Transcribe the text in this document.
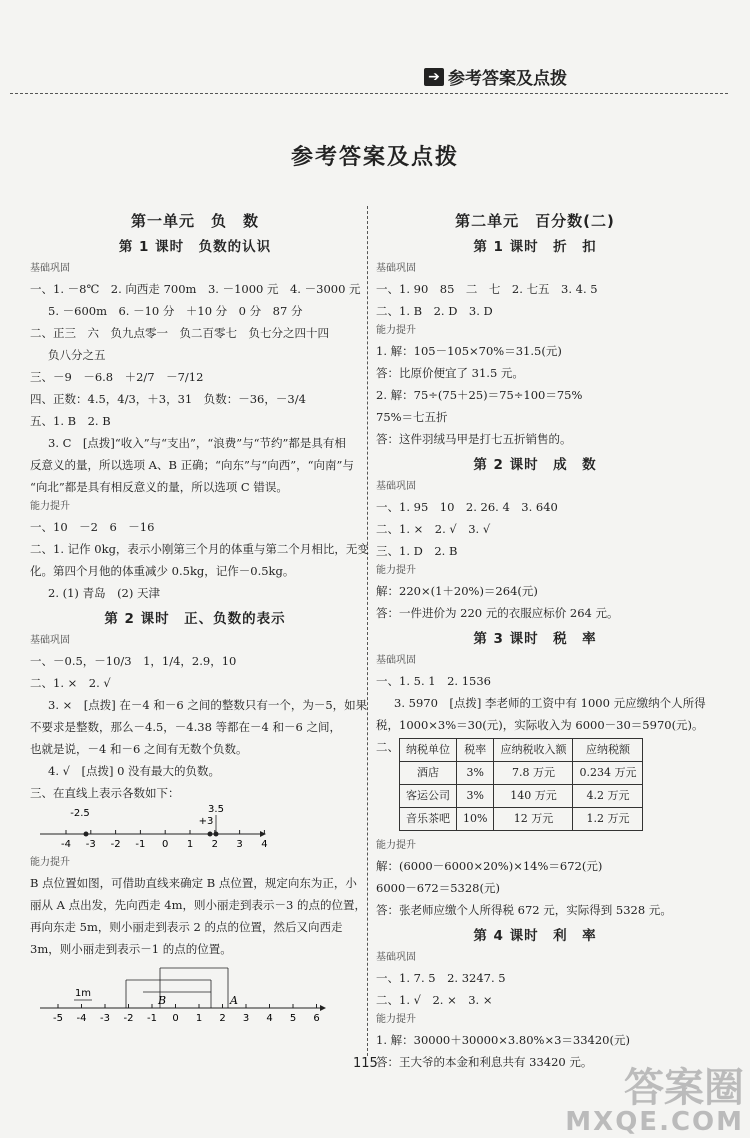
➔ 参考答案及点拨
参考答案及点拨
第一单元　负　数
第 1 课时　负数的认识
基础巩固
一、1. －8℃　2. 向西走 700m　3. －1000 元　4. －3000 元
5. －600m　6. －10 分　＋10 分　0 分　87 分
二、正三　六　负九点零一　负二百零七　负七分之四十四
负八分之五
三、－9　－6.8　＋2/7　－7/12
四、正数：4.5，4/3，＋3，31　负数：－36，－3/4
五、1. B　2. B
3. C　[点拨]“收入”与“支出”，“浪费”与“节约”都是具有相
反意义的量，所以选项 A、B 正确；“向东”与“向西”，“向南”与
“向北”都是具有相反意义的量，所以选项 C 错误。
能力提升
一、10　－2　6　－16
二、1. 记作 0kg，表示小刚第三个月的体重与第二个月相比，无变
化。第四个月他的体重减少 0.5kg，记作－0.5kg。
2. (1) 青岛　(2) 天津
第 2 课时　正、负数的表示
基础巩固
一、－0.5，－10/3　1，1/4，2.9，10
二、1. ×　2. √
3. ×　[点拨] 在－4 和－6 之间的整数只有一个，为－5，如果
不要求是整数，那么－4.5，－4.38 等都在－4 和－6 之间，
也就是说，－4 和－6 之间有无数个负数。
4. √　[点拨] 0 没有最大的负数。
三、在直线上表示各数如下：
-4 -3 -2 -1 0 1 2 3 4
-2.5	3.5
+3
能力提升
B 点位置如图，可借助直线来确定 B 点位置，规定向东为正，小
丽从 A 点出发，先向西走 4m，则小丽走到表示－3 的点的位置，
再向东走 5m，则小丽走到表示 2 的点的位置，然后又向西走
3m，则小丽走到表示－1 的点的位置。
-5 -4 -3 -2 -1 0 1 2 3 4 5 6
1m
B	A
第二单元　百分数(二)
第 1 课时　折　扣
基础巩固
一、1. 90　85　二　七　2. 七五　3. 4. 5
二、1. B　2. D　3. D
能力提升
1. 解：105－105×70%＝31.5(元)
答：比原价便宜了 31.5 元。
2. 解：75÷(75＋25)＝75÷100＝75%
75%＝七五折
答：这件羽绒马甲是打七五折销售的。
第 2 课时　成　数
基础巩固
一、1. 95　10　2. 26. 4　3. 640
二、1. ×　2. √　3. √
三、1. D　2. B
能力提升
解：220×(1＋20%)＝264(元)
答：一件进价为 220 元的衣服应标价 264 元。
第 3 课时　税　率
基础巩固
一、1. 5. 1　2. 1536
3. 5970　[点拨] 李老师的工资中有 1000 元应缴纳个人所得
税，1000×3%＝30(元)，实际收入为 6000－30＝5970(元)。
二、 纳税单位	税率	应纳税收入额	应纳税额
酒店	3%	7.8 万元	0.234 万元
客运公司	3%	140 万元	4.2 万元
音乐茶吧	10%	12 万元	1.2 万元
能力提升
解：(6000－6000×20%)×14%＝672(元)
6000－672＝5328(元)
答：张老师应缴个人所得税 672 元，实际得到 5328 元。
第 4 课时　利　率
基础巩固
一、1. 7. 5　2. 3247. 5
二、1. √　2. ×　3. ×
能力提升
1. 解：30000＋30000×3.80%×3＝33420(元)
答：王大爷的本金和利息共有 33420 元。
115
答案圈
MXQE.COM
